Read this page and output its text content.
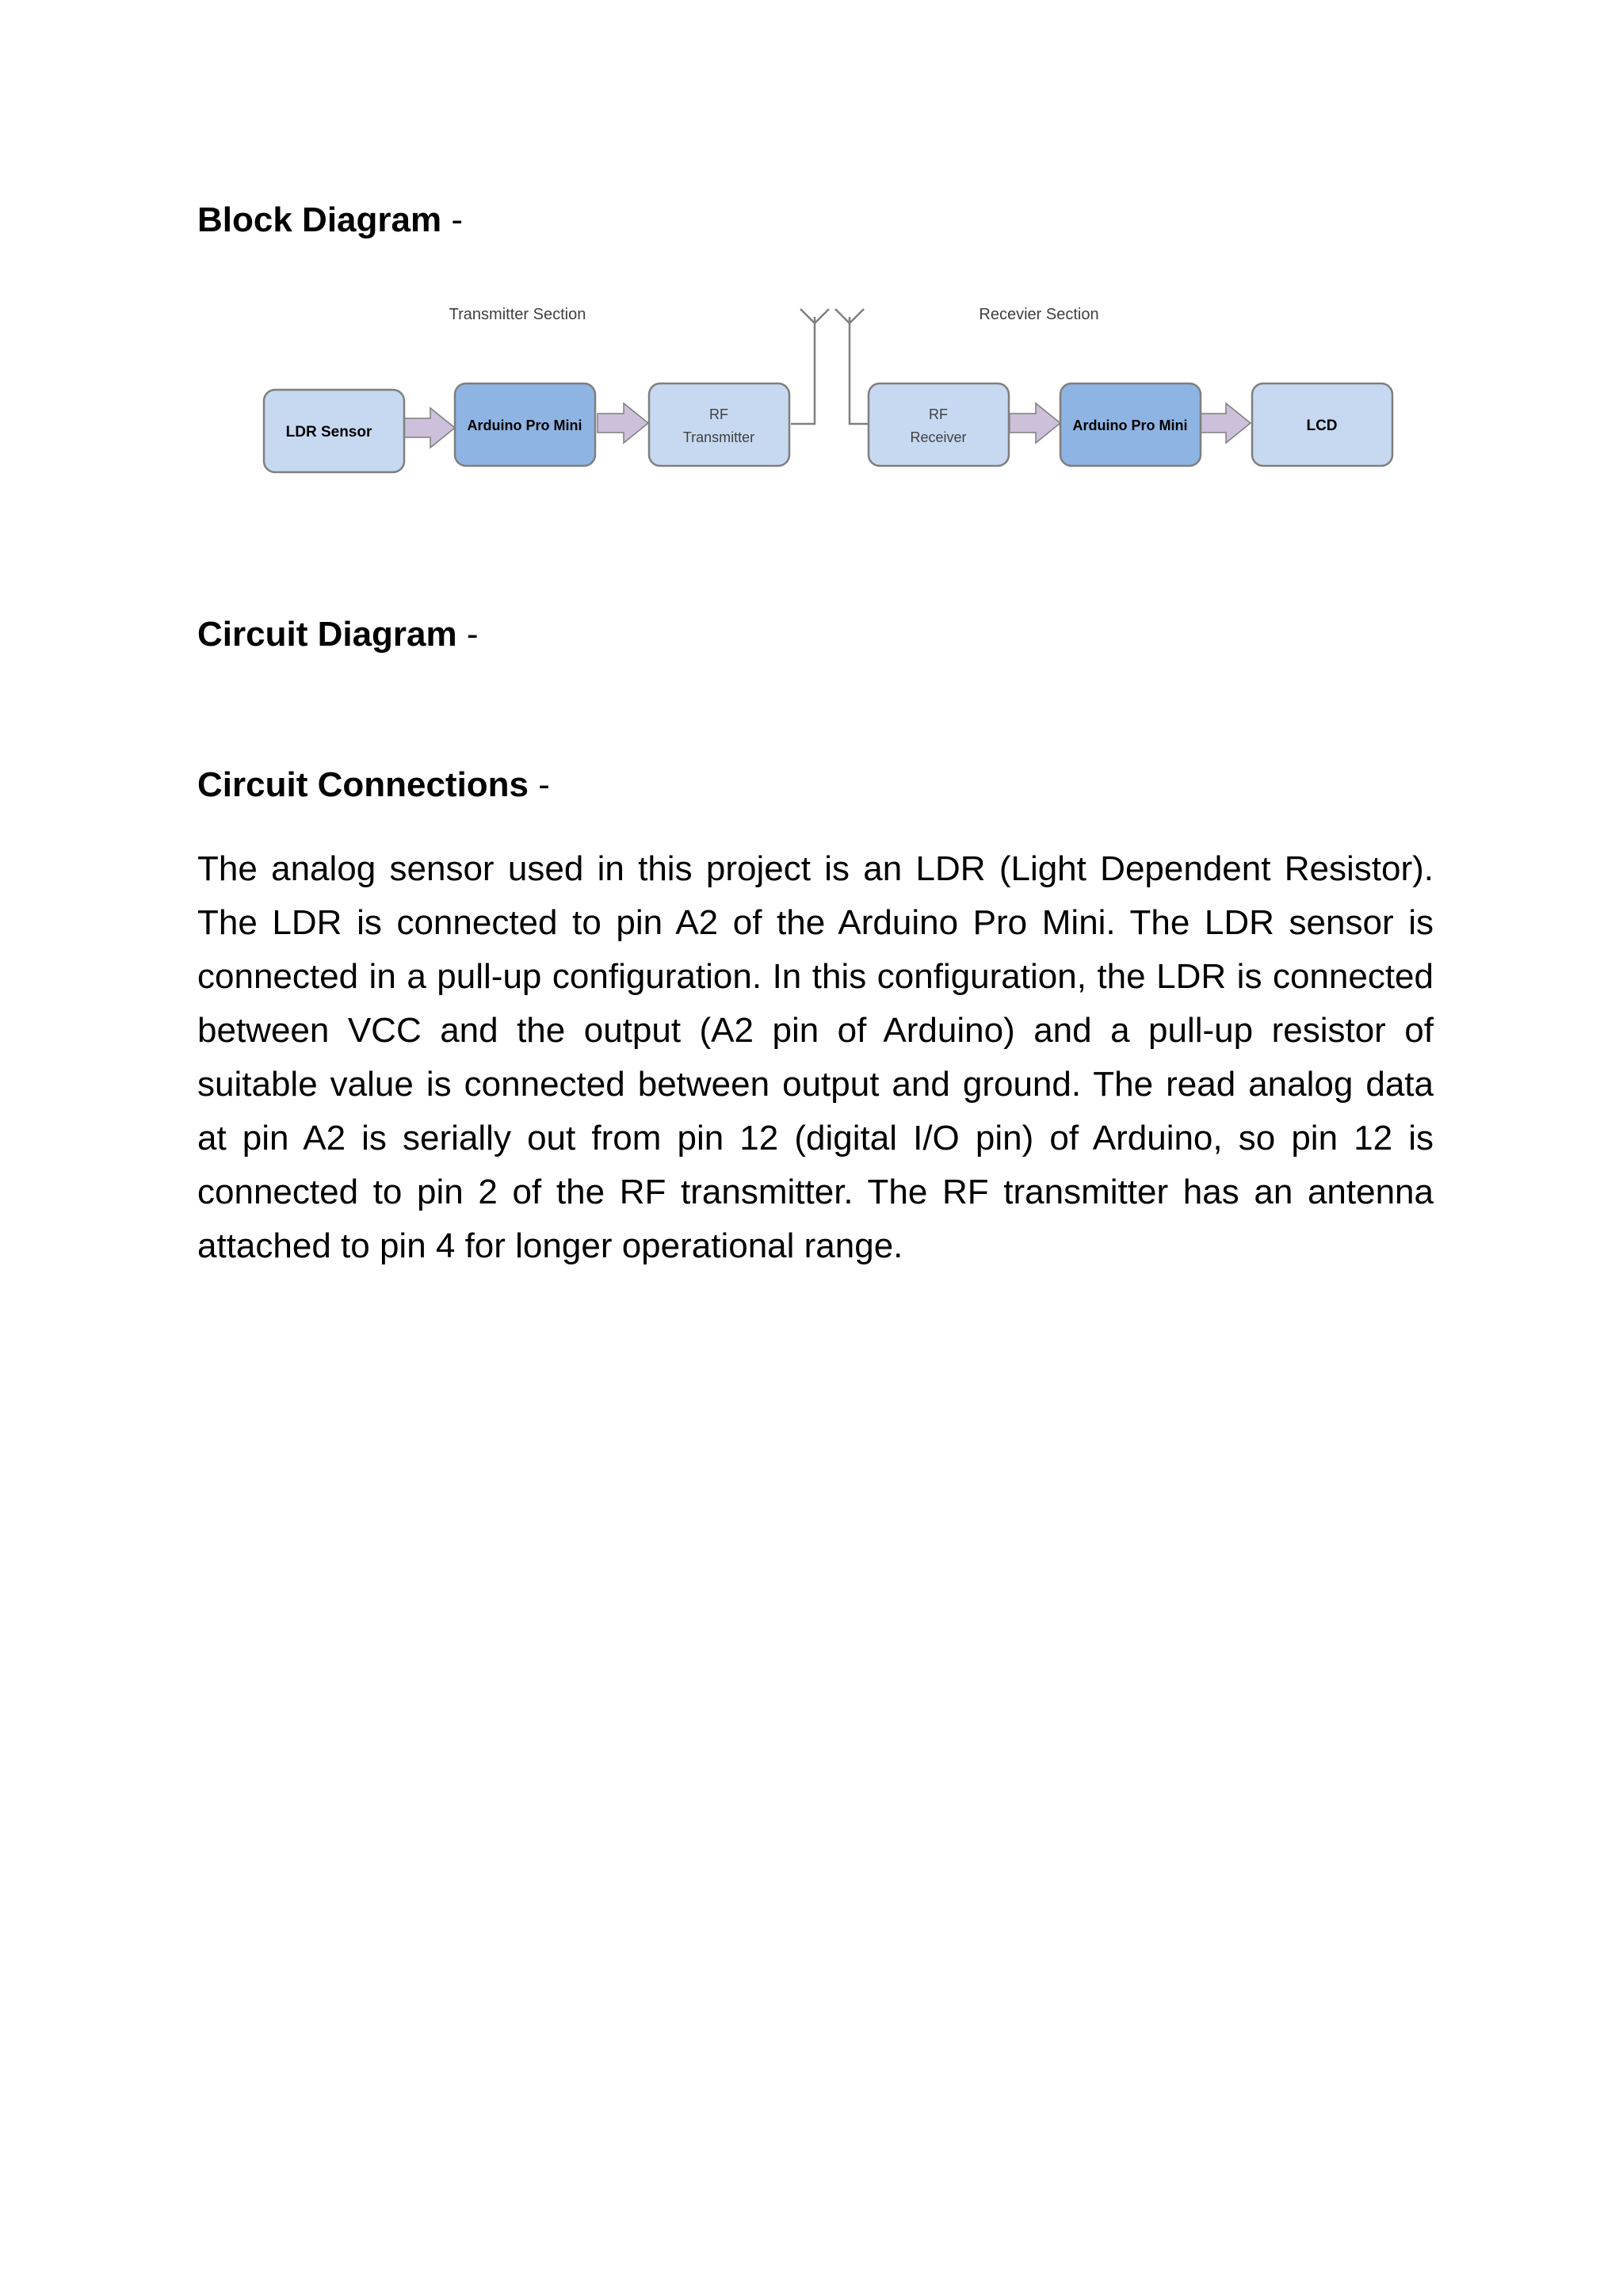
Block Diagram -
Transmitter Section	Recevier Section
LDR Sensor	Arduino Pro Mini
RF
Transmitter
RF
Receiver
Arduino Pro Mini	LCD
Circuit Diagram -
Circuit Connections -

The analog sensor used in this project is an LDR (Light Dependent Resistor). The LDR is connected to pin A2 of the Arduino Pro Mini. The LDR sensor is connected in a pull-up configuration. In this configuration, the LDR is connected between VCC and the output (A2 pin of Arduino) and a pull-up resistor of suitable value is connected between output and ground. The read analog data at pin A2 is serially out from pin 12 (digital I/O pin) of Arduino, so pin 12 is connected to pin 2 of the RF transmitter. The RF transmitter has an antenna attached to pin 4 for longer operational range.
